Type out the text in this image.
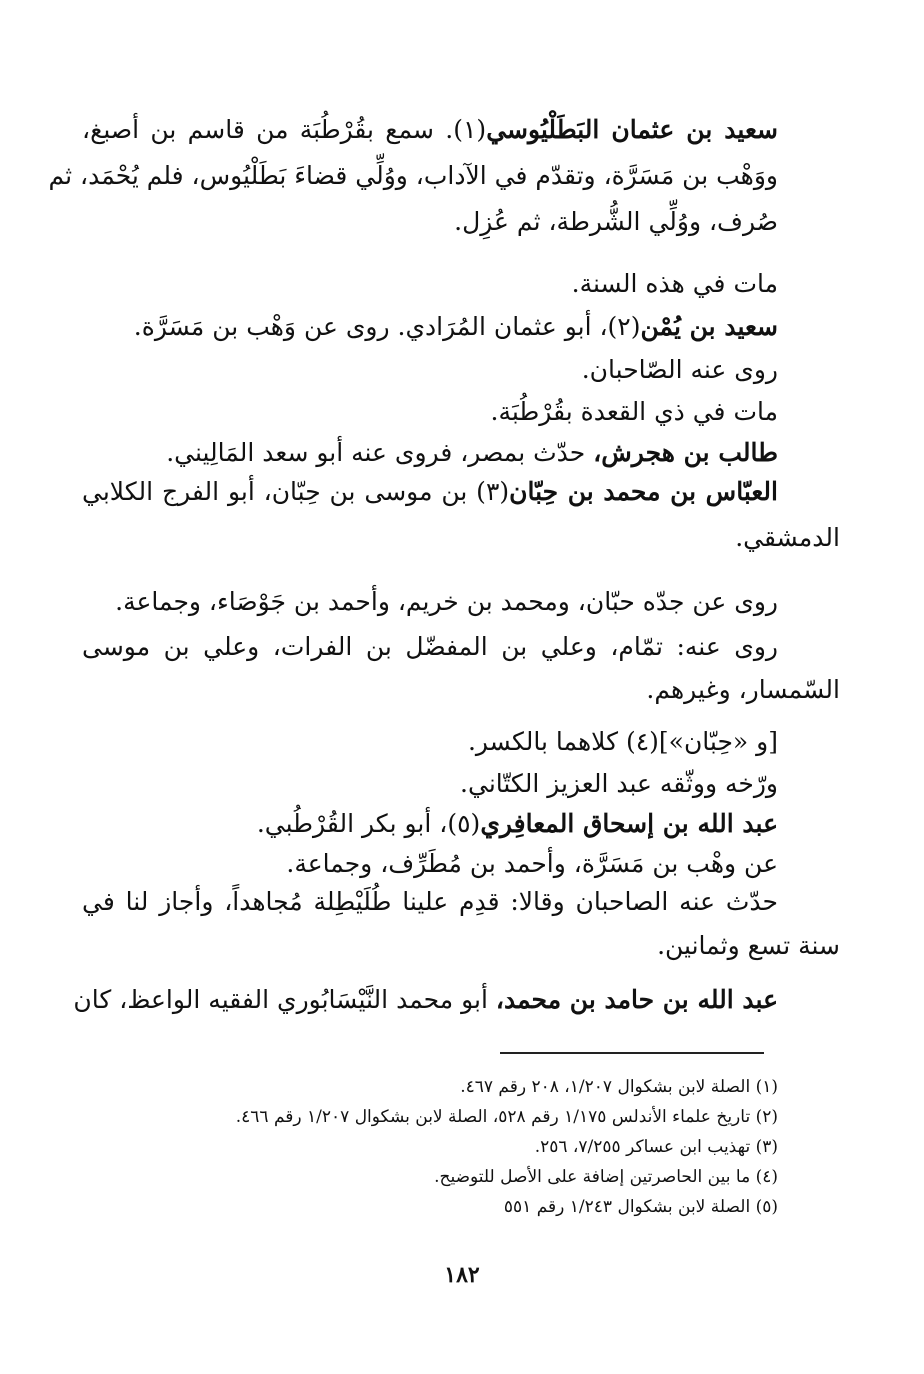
سعيد بن عثمان البَطَلْيُوسي(١). سمع بقُرْطُبَة من قاسم بن أصبغ،
ووَهْب بن مَسَرَّة، وتقدّم في الآداب، ووُلِّي قضاءَ بَطَلْيُوس، فلم يُحْمَد، ثم
صُرف، ووُلِّي الشُّرطة، ثم عُزِل.
مات في هذه السنة.
سعيد بن يُمْن(٢)، أبو عثمان المُرَادي. روى عن وَهْب بن مَسَرَّة.
روى عنه الصّاحبان.
مات في ذي القعدة بقُرْطُبَة.
طالب بن هجرش، حدّث بمصر، فروى عنه أبو سعد المَالِيني.
العبّاس بن محمد بن حِبّان(٣) بن موسى بن حِبّان، أبو الفرج الكلابي
الدمشقي.
روى عن جدّه حبّان، ومحمد بن خريم، وأحمد بن جَوْصَاء، وجماعة.
روى عنه: تمّام، وعلي بن المفضّل بن الفرات، وعلي بن موسى
السّمسار، وغيرهم.
[و «حِبّان»](٤) كلاهما بالكسر.
ورّخه ووثّقه عبد العزيز الكتّاني.
عبد الله بن إسحاق المعافِري(٥)، أبو بكر القُرْطُبي.
عن وهْب بن مَسَرَّة، وأحمد بن مُطَرِّف، وجماعة.
حدّث عنه الصاحبان وقالا: قدِم علينا طُلَيْطِلة مُجاهداً، وأجاز لنا في
سنة تسع وثمانين.
عبد الله بن حامد بن محمد، أبو محمد النَّيْسَابُوري الفقيه الواعظ، كان
(١) الصلة لابن بشكوال ١/٢٠٧، ٢٠٨ رقم ٤٦٧.
(٢) تاريخ علماء الأندلس ١/١٧٥ رقم ٥٢٨، الصلة لابن بشكوال ١/٢٠٧ رقم ٤٦٦.
(٣) تهذيب ابن عساكر ٧/٢٥٥، ٢٥٦.
(٤) ما بين الحاصرتين إضافة على الأصل للتوضيح.
(٥) الصلة لابن بشكوال ١/٢٤٣ رقم ٥٥١
١٨٢
